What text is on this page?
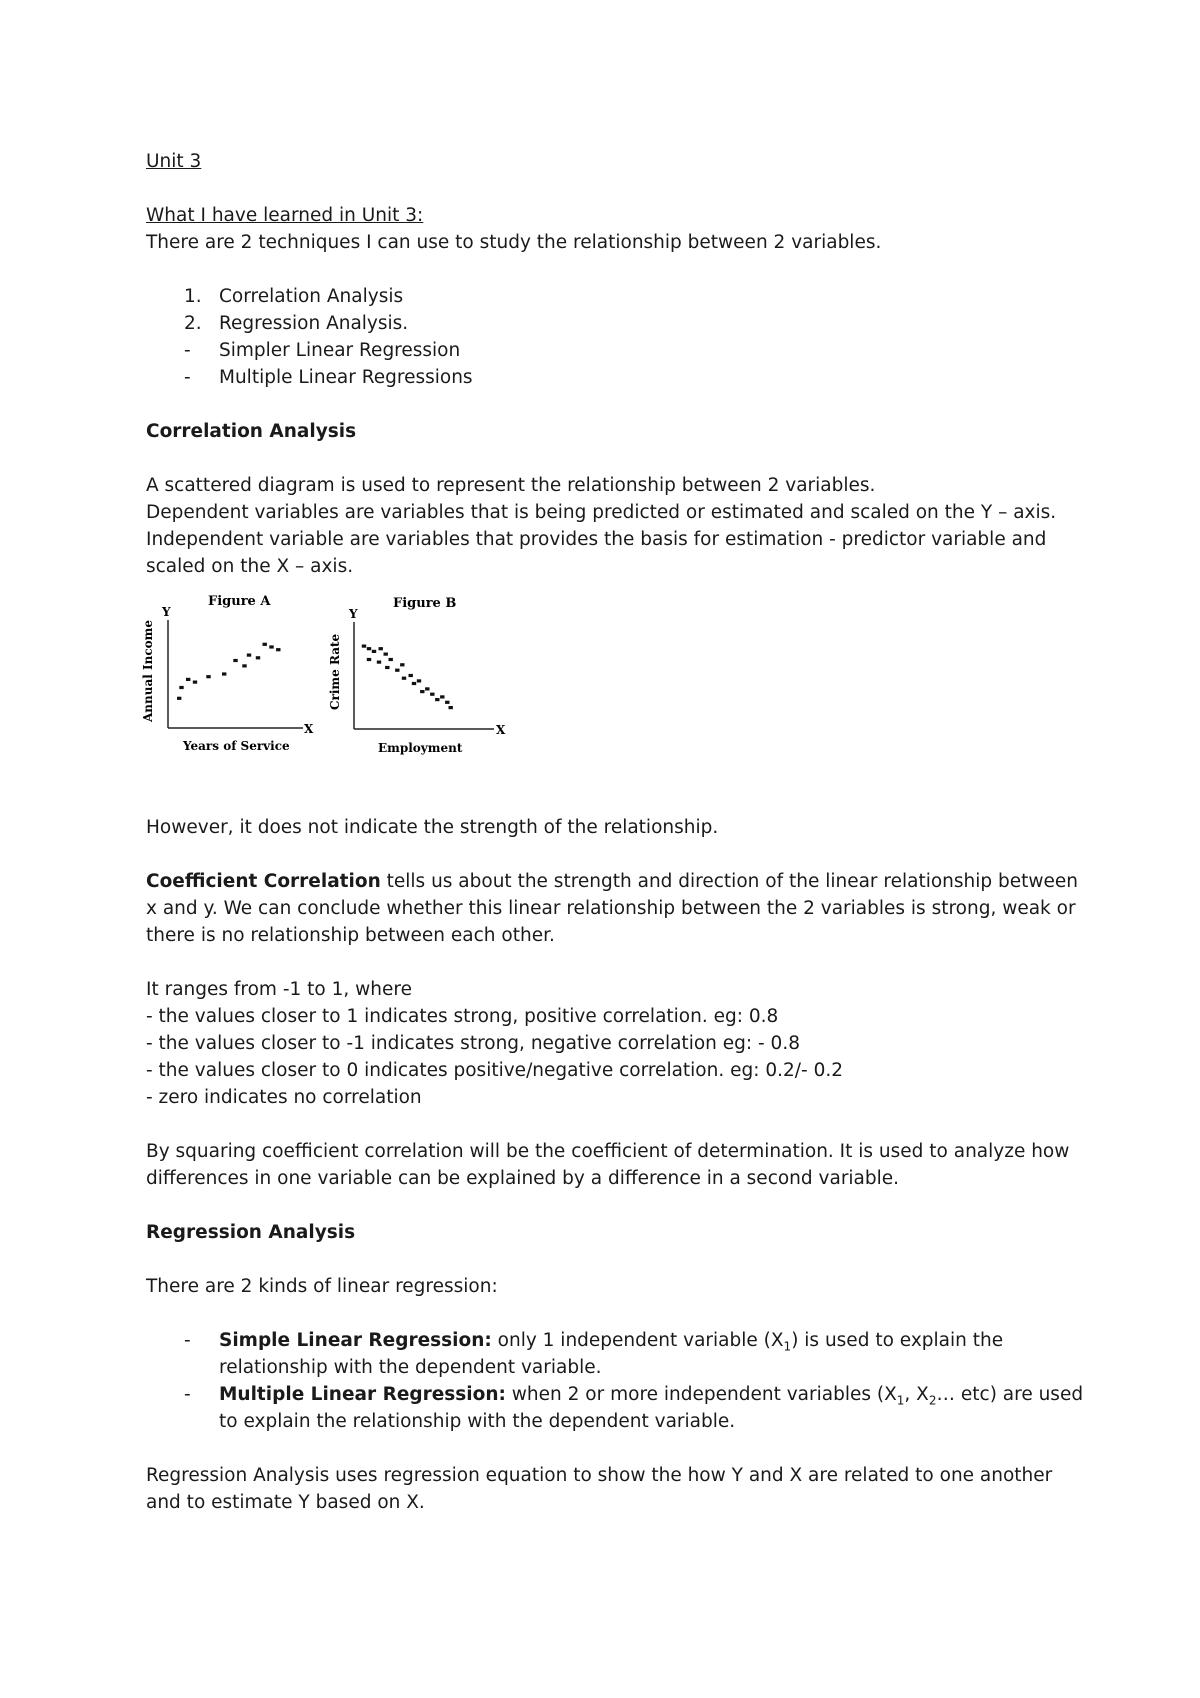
Unit 3

What I have learned in Unit 3:

There are 2 techniques I can use to study the relationship between 2 variables.

1. Correlation Analysis

2. Regression Analysis.

- Simpler Linear Regression

- Multiple Linear Regressions

Correlation Analysis

A scattered diagram is used to represent the relationship between 2 variables.

Dependent variables are variables that is being predicted or estimated and scaled on the Y – axis.

Independent variable are variables that provides the basis for estimation - predictor variable and scaled on the X – axis.

Figure A
Y
X
Annual Income
Years of Service
Figure B
Y
X
Crime Rate
Employment

However, it does not indicate the strength of the relationship.

Coefficient Correlation tells us about the strength and direction of the linear relationship between x and y. We can conclude whether this linear relationship between the 2 variables is strong, weak or there is no relationship between each other.

It ranges from -1 to 1, where

- the values closer to 1 indicates strong, positive correlation. eg: 0.8

- the values closer to -1 indicates strong, negative correlation eg: - 0.8

- the values closer to 0 indicates positive/negative correlation. eg: 0.2/- 0.2

- zero indicates no correlation

By squaring coefficient correlation will be the coefficient of determination. It is used to analyze how differences in one variable can be explained by a difference in a second variable.

Regression Analysis

There are 2 kinds of linear regression:

- Simple Linear Regression: only 1 independent variable $(X_1)$ is used to explain the relationship with the dependent variable.

- Multiple Linear Regression: when 2 or more independent variables ($X_1$, $X_2\dots$ etc) are used to explain the relationship with the dependent variable.

Regression Analysis uses regression equation to show the how Y and X are related to one another and to estimate Y based on X.
